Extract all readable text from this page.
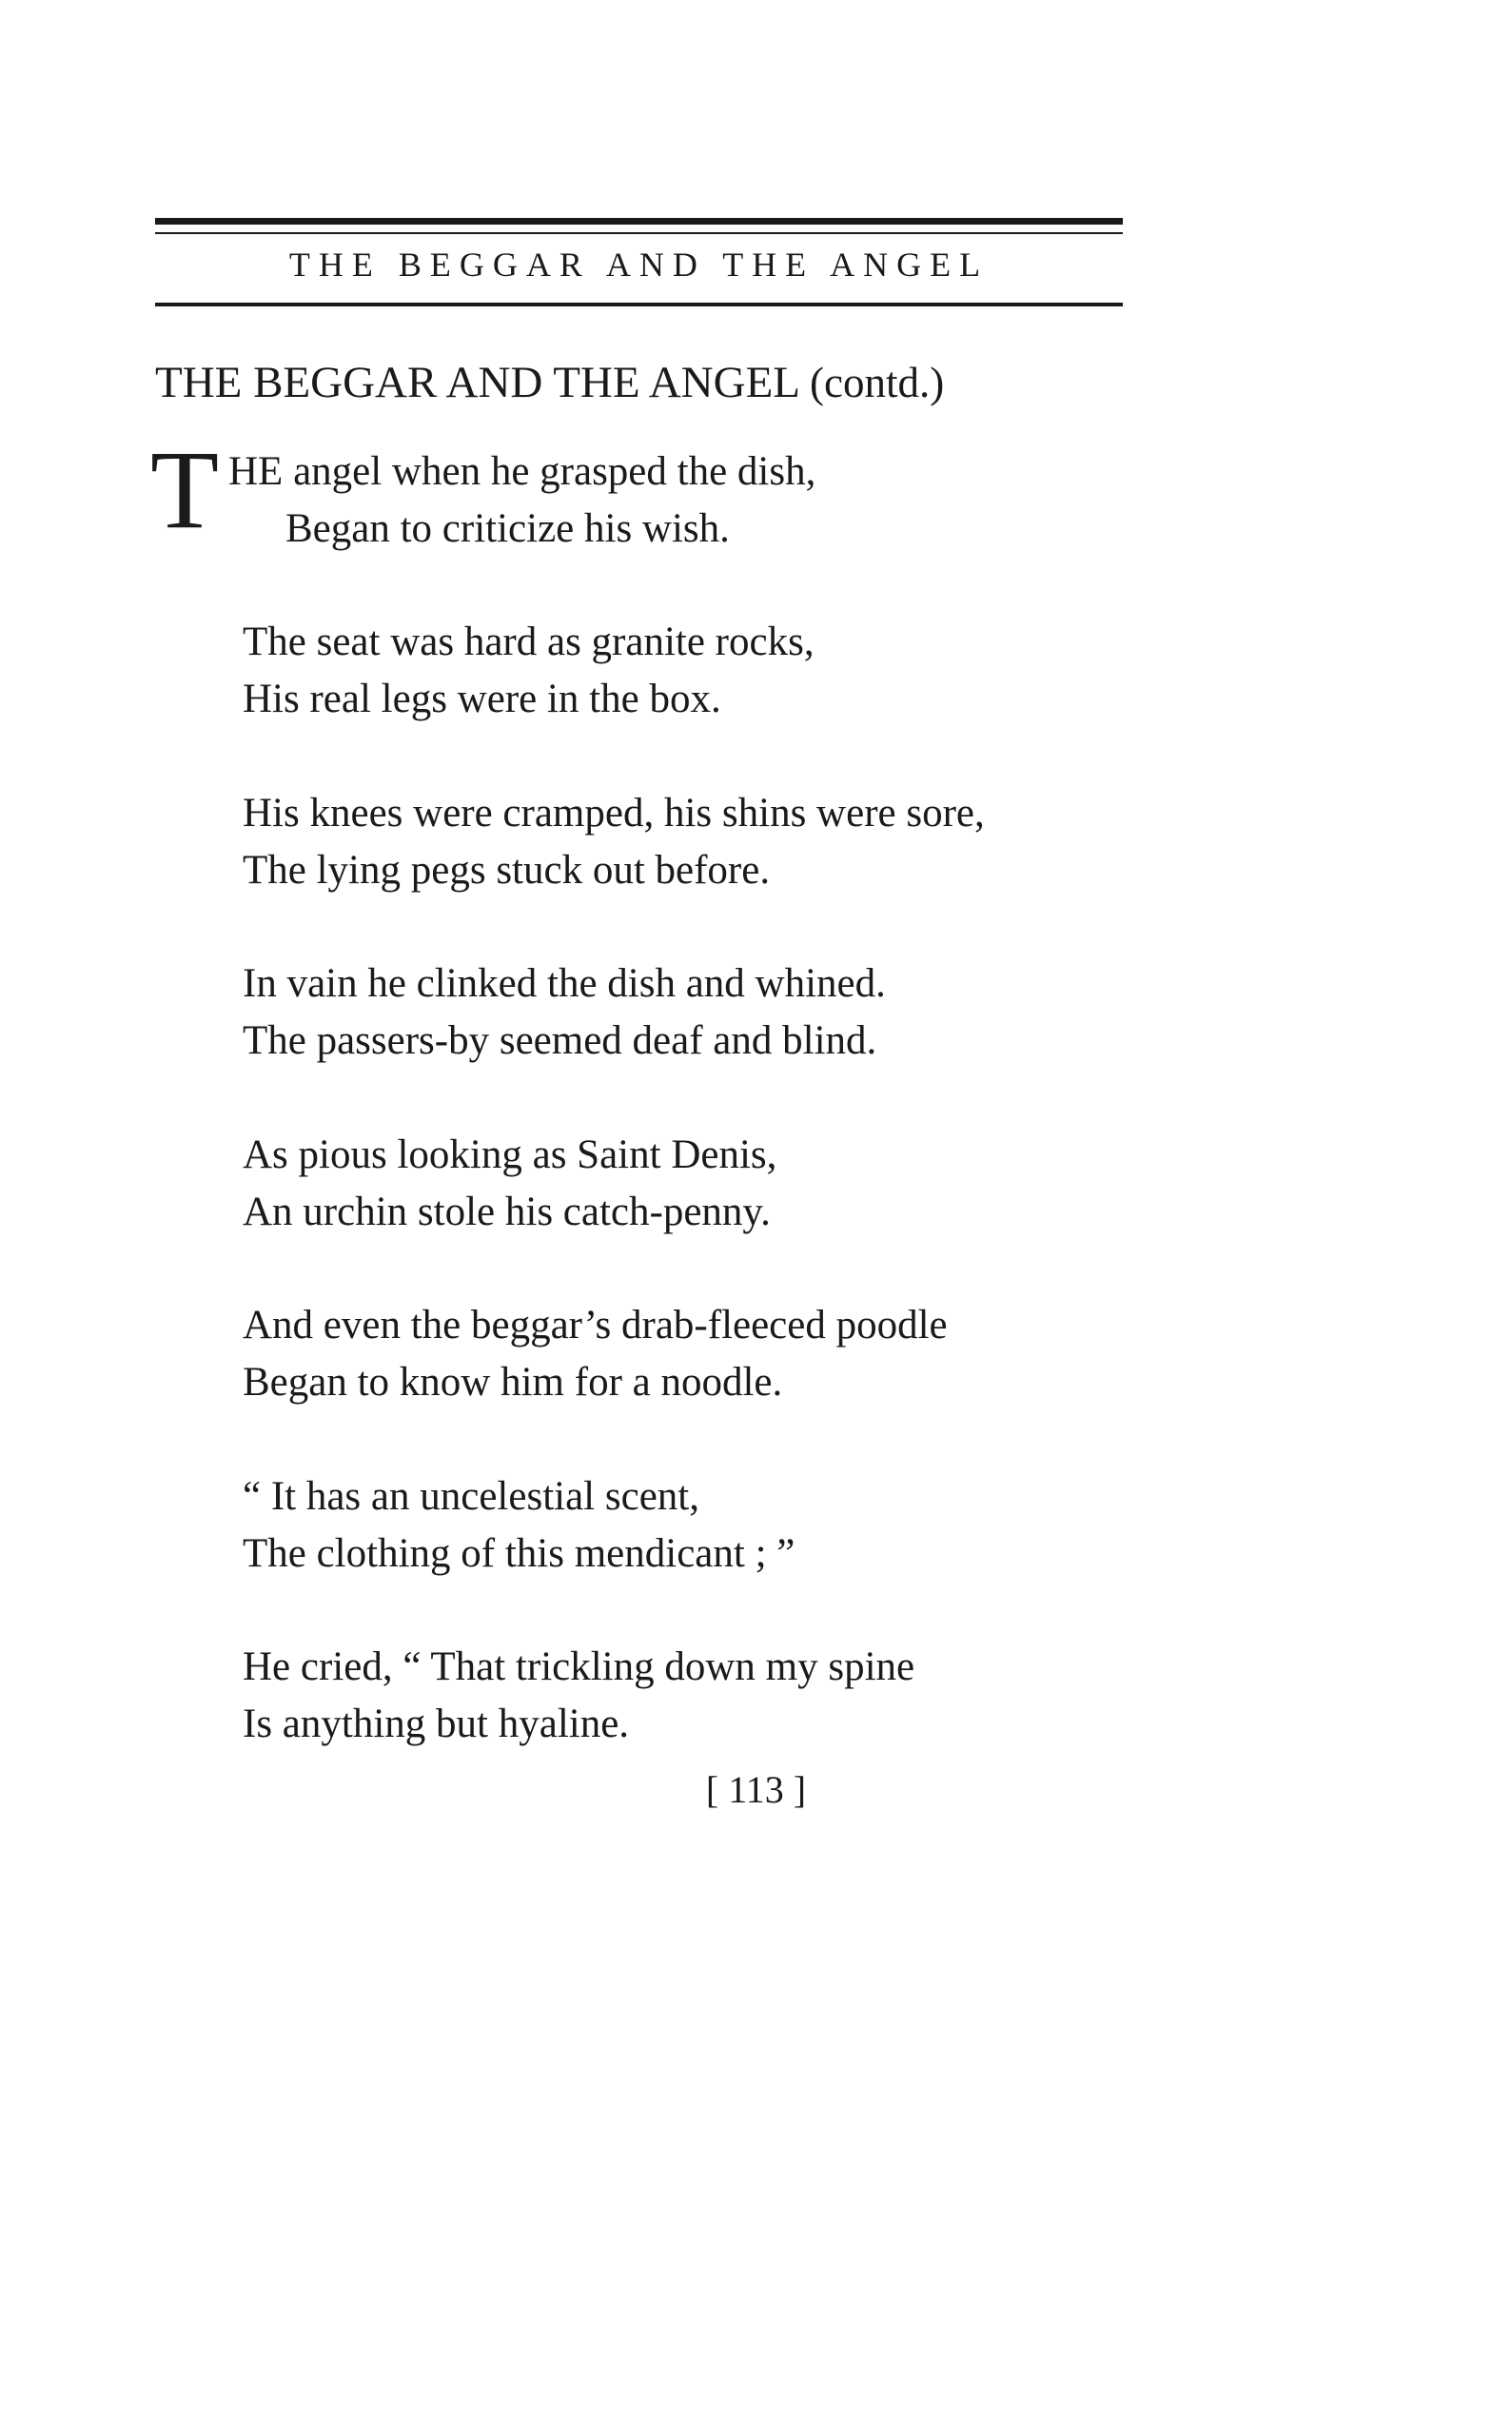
THE BEGGAR AND THE ANGEL
THE BEGGAR AND THE ANGEL (contd.)
T HE angel when he grasped the dish,
Began to criticize his wish.
The seat was hard as granite rocks,
His real legs were in the box.
His knees were cramped, his shins were sore,
The lying pegs stuck out before.
In vain he clinked the dish and whined.
The passers-by seemed deaf and blind.
As pious looking as Saint Denis,
An urchin stole his catch-penny.
And even the beggar’s drab-fleeced poodle
Began to know him for a noodle.
“ It has an uncelestial scent,
The clothing of this mendicant ; ”
He cried, “ That trickling down my spine
Is anything but hyaline.
[ 113 ]
